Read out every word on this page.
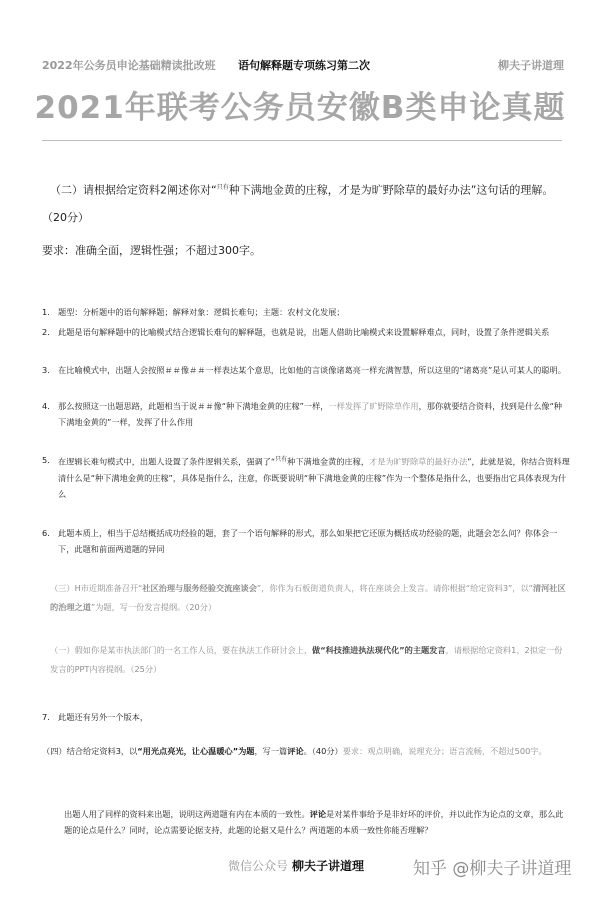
2022年公务员申论基础精读批改班 语句解释题专项练习第二次	柳夫子讲道理
2021年联考公务员安徽B类申论真题
（二）请根据给定资料2阐述你对“$^{只有}$种下满地金黄的庄稼，才是为旷野除草的最好办法”这句话的理解。
（20分）
要求：准确全面，逻辑性强；不超过300字。
1. 题型：分析题中的语句解释题；解释对象：逻辑长难句；主题：农村文化发展；
2. 此题是语句解释题中的比喻模式结合逻辑长难句的解释题，也就是说，出题人借助比喻模式来设置解释难点，同时，设置了条件逻辑关系
3. 在比喻模式中，出题人会按照＃＃像＃＃一样表达某个意思，比如他的言谈像诸葛亮一样充满智慧，所以这里的“诸葛亮”是认可某人的聪明。
4. 那么按照这一出题思路，此题相当于说＃＃像“种下满地金黄的庄稼”一样，一样发挥了旷野除草作用，那你就要结合资料，找到是什么像“种下满地金黄的”一样，发挥了什么作用
5. 在逻辑长难句模式中，出题人设置了条件逻辑关系，强调了“$^{只有}$种下满地金黄的庄稼，才是为旷野除草的最好办法”，此就是说，你结合资料理清什么是“种下满地金黄的庄稼”，具体是指什么，注意，你既要说明“种下满地金黄的庄稼”作为一个整体是指什么，也要指出它具体表现为什么
6. 此题本质上，相当于总结概括成功经验的题，套了一个语句解释的形式，那么如果把它还原为概括成功经验的题，此题会怎么问？你体会一下，此题和前面两道题的异同
（三）H市近期准备召开“社区治理与服务经验交流座谈会”，你作为石板街道负责人，将在座谈会上发言。请你根据“给定资料3”，以“清河社区的治理之道”为题，写一份发言提纲。（20分）
（一）假如你是某市执法部门的一名工作人员，要在执法工作研讨会上，做“科技推进执法现代化”的主题发言，请根据给定资料1、2拟定一份发言的PPT内容提纲。（25分）
7. 此题还有另外一个版本，
（四）结合给定资料3，以“用光点亮光，让心温暖心”为题，写一篇评论。（40分）要求：观点明确，说理充分；语言流畅，不超过500字。
出题人用了同样的资料来出题，说明这两道题有内在本质的一致性。评论是对某件事给予是非好坏的评价，并以此作为论点的文章，那么此题的论点是什么？同时，论点需要论据支持，此题的论据又是什么？两道题的本质一致性你能否理解？
微信公众号 柳夫子讲道理	知乎 @柳夫子讲道理
